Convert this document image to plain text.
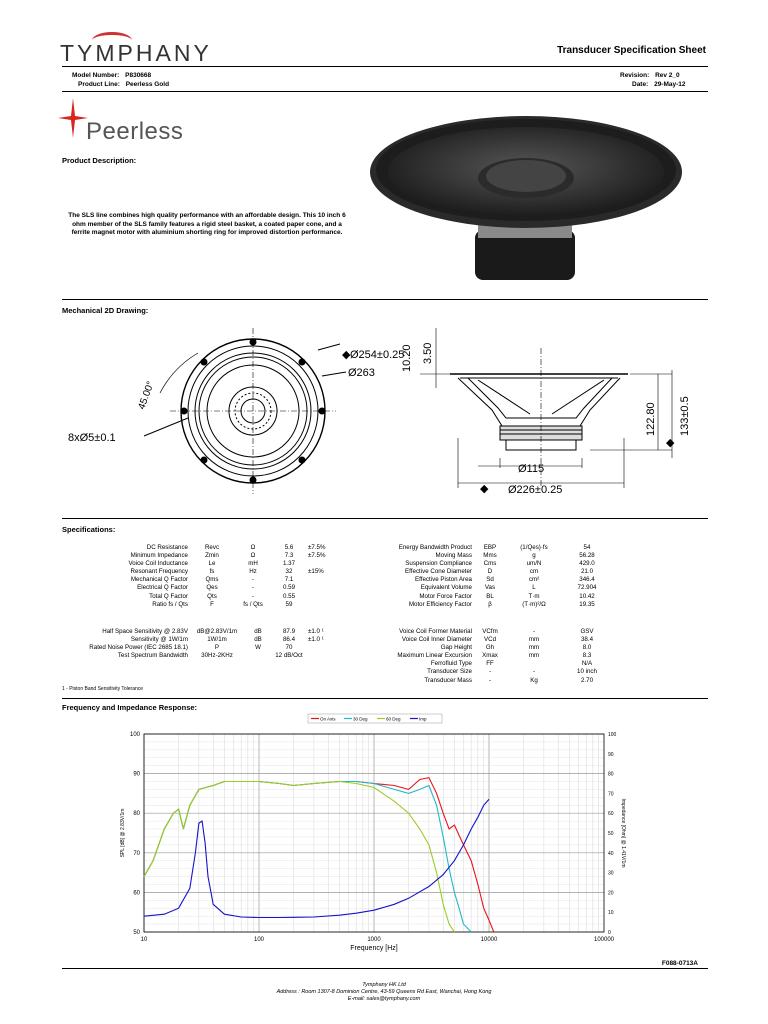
TYMPHANY	Transducer Specification Sheet
Model Number: P830668
Product Line: Peerless Gold
Revision: Rev 2_0
Date: 29-May-12
Peerless
Product Description:
The SLS line combines high quality performance with an affordable design. This 10 inch 6 ohm member of the SLS family features a rigid steel basket, a coated paper cone, and a ferrite magnet motor with aluminium shorting ring for improved distortion performance.
Mechanical 2D Drawing:
◆ Ø254±0.25
Ø263
8xØ5±0.1
45.00°
10.20 3.50
Ø115
◆ Ø226±0.25
122.80 133±0.5
◆
Specifications:
DC Resistance	Revc	Ω	5.6	±7.5%
Minimum Impedance	Zmin	Ω	7.3	±7.5%
Voice Coil Inductance	Le	mH	1.37	
Resonant Frequency	fs	Hz	32	±15%
Mechanical Q Factor	Qms	-	7.1	
Electrical Q Factor	Qes	-	0.59	
Total Q Factor	Qts	-	0.55	
Ratio fs / Qts	F	fs / Qts	59	
Half Space Sensitivity @ 2.83V	dB@2.83V/1m	dB	87.9	±1.0 ¹
Sensitivity @ 1W/1m	1W/1m	dB	86.4	±1.0 ¹
Rated Noise Power (IEC 2685 18.1)	P	W	70	
Test Spectrum Bandwidth	30Hz-2KHz		12 dB/Oct	
Energy Bandwidth Product	EBP	(1/Qes)·fs	54
Moving Mass	Mms	g	56.28
Suspension Compliance	Cms	um/N	429.0
Effective Cone Diameter	D	cm	21.0
Effective Piston Area	Sd	cm²	346.4
Equivalent Volume	Vas	L	72.904
Motor Force Factor	BL	T·m	10.42
Motor Efficiency Factor	β	(T·m)²/Ω	19.35
Voice Coil Former Material	VCfm	-	GSV
Voice Coil Inner Diameter	VCd	mm	38.4
Gap Height	Gh	mm	8.0
Maximum Linear Excursion	Xmax	mm	8.3
Ferrofluid Type	FF		N/A
Transducer Size	-	-	10 inch
Transducer Mass	-	Kg	2.70
1 - Piston Band Sensitivity Tolerance
Frequency and Impedance Response:
10	100	1000	10000	100000
50
60
70
80
90
100
0
10
20
30
40
50
60
70
80
90
100
Frequency [Hz]
SPL [dB] @ 2.83V/1m	Impedance [Ohm] @ 1.41V/1m
On Axis	30 Deg	60 Deg	Imp
F088-0713A
Tymphany HK Ltd
Address : Room 1307-8 Dominion Centre, 43-59 Queens Rd East, Wanchai, Hong Kong
E-mail: sales@tymphany.com
